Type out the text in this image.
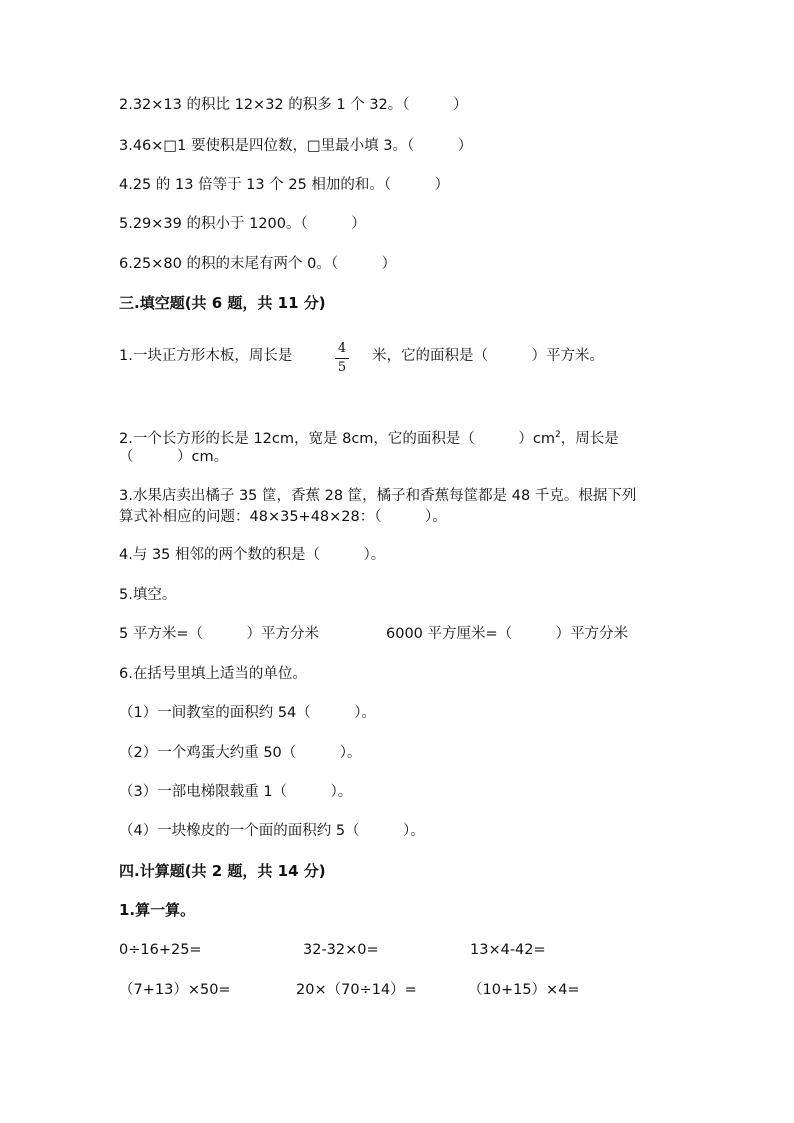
2.32×13 的积比 12×32 的积多 1 个 32。（　　　）
3.46×□1 要使积是四位数，□里最小填 3。（　　　）
4.25 的 13 倍等于 13 个 25 相加的和。（　　　）
5.29×39 的积小于 1200。（　　　）
6.25×80 的积的末尾有两个 0。（　　　）
三.填空题(共 6 题，共 11 分)
1.一块正方形木板，周长是	4
5
米，它的面积是（　　　）平方米。
2.一个长方形的长是 12cm，宽是 8cm，它的面积是（　　　）$cm^2$，周长是
（　　　）cm。
3.水果店卖出橘子 35 筐，香蕉 28 筐，橘子和香蕉每筐都是 48 千克。根据下列
算式补相应的问题：48×35+48×28：（　　　）。
4.与 35 相邻的两个数的积是（　　　）。
5.填空。
5 平方米=（　　　）平方分米	6000 平方厘米=（　　　）平方分米
6.在括号里填上适当的单位。
（1）一间教室的面积约 54（　　　）。
（2）一个鸡蛋大约重 50（　　　）。
（3）一部电梯限载重 1（　　　）。
（4）一块橡皮的一个面的面积约 5（　　　）。
四.计算题(共 2 题，共 14 分)
1.算一算。
0÷16+25=	32-32×0=	13×4-42=
（7+13）×50=	20×（70÷14）=	（10+15）×4=
